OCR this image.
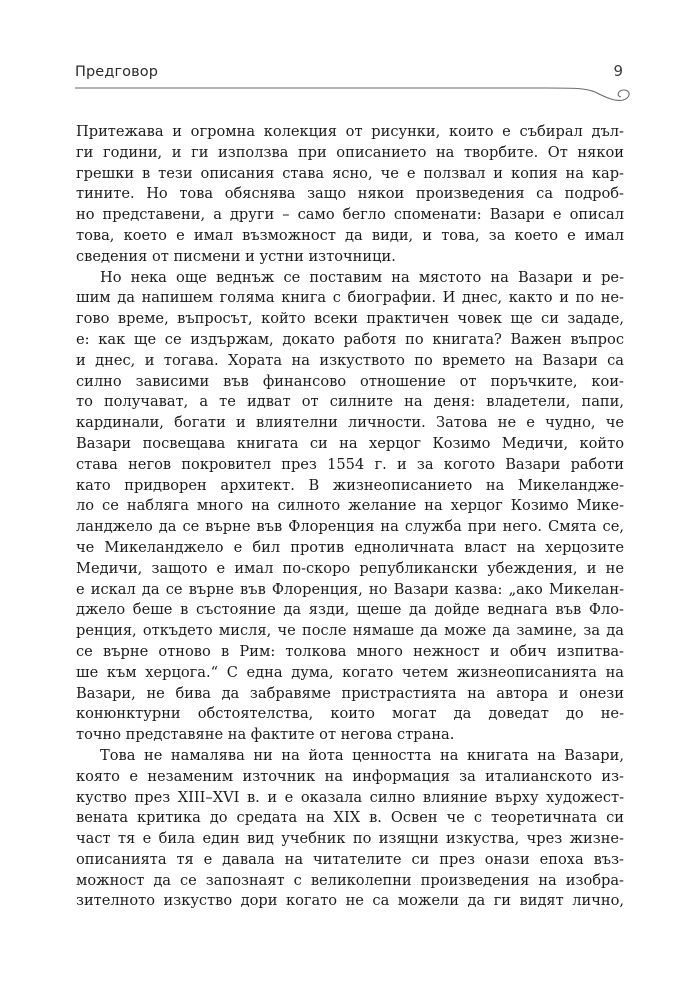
Предговор	9
Притежава и огромна колекция от рисунки, които е събирал дъл-
ги години, и ги използва при описанието на творбите. От някои
грешки в тези описания става ясно, че е ползвал и копия на кар-
тините. Но това обяснява защо някои произведения са подроб-
но представени, а други – само бегло споменати: Вазари е описал
това, което е имал възможност да види, и това, за което е имал
сведения от писмени и устни източници.
Но нека още веднъж се поставим на мястото на Вазари и ре-
шим да напишем голяма книга с биографии. И днес, както и по не-
гово време, въпросът, който всеки практичен човек ще си зададе,
е: как ще се издържам, докато работя по книгата? Важен въпрос
и днес, и тогава. Хората на изкуството по времето на Вазари са
силно зависими във финансово отношение от поръчките, кои-
то получават, а те идват от силните на деня: владетели, папи,
кардинали, богати и влиятелни личности. Затова не е чудно, че
Вазари посвещава книгата си на херцог Козимо Медичи, който
става негов покровител през 1554 г. и за когото Вазари работи
като придворен архитект. В жизнеописанието на Микеланджe-
ло се набляга много на силното желание на херцог Козимо Мике-
ланджело да се върне във Флоренция на служба при него. Смята се,
че Микеланджело е бил против едноличната власт на херцозите
Медичи, защото е имал по-скоро републикански убеждения, и не
е искал да се върне във Флоренция, но Вазари казва: „ако Микелан-
джело беше в състояние да язди, щеше да дойде веднага във Фло-
ренция, откъдето мисля, че после нямаше да може да замине, за да
се върне отново в Рим: толкова много нежност и обич изпитва-
ше към херцога.“ С една дума, когато четем жизнеописанията на
Вазари, не бива да забравяме пристрастията на автора и онези
конюнктурни обстоятелства, които могат да доведат до не-
точно представяне на фактите от негова страна.
Това не намалява ни на йота ценността на книгата на Вазари,
която е незаменим източник на информация за италианското из-
куство през XIII–XVI в. и е оказала силно влияние върху художест-
вената критика до средата на XIX в. Освен че с теоретичната си
част тя е била един вид учебник по изящни изкуства, чрез жизне-
описанията тя е давала на читателите си през онази епоха въз-
можност да се запознаят с великолепни произведения на изобра-
зителното изкуство дори когато не са можели да ги видят лично,
